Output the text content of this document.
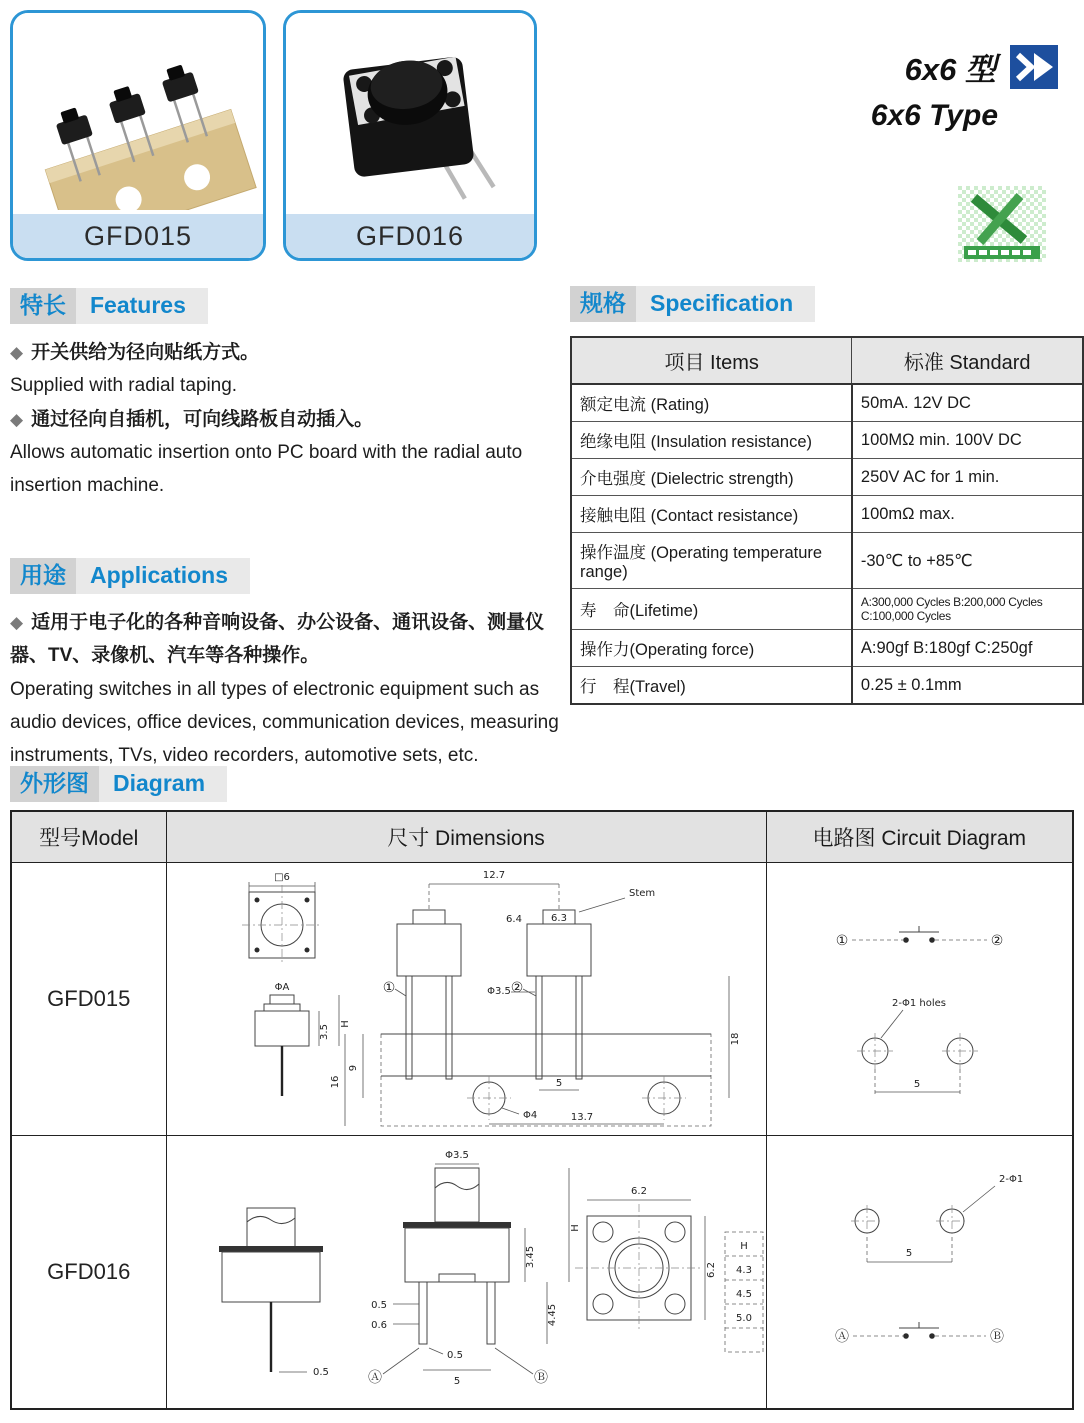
GFD015	GFD016
6x6 型
6x6 Type
特长	Features
◆ 开关供给为径向贴纸方式。
Supplied with radial taping.
◆ 通过径向自插机，可向线路板自动插入。
Allows automatic insertion onto PC board with the radial auto insertion machine.
规格	Specification
项目 Items	标准 Standard
额定电流 (Rating)	50mA. 12V DC
绝缘电阻 (Insulation resistance)	100MΩ min. 100V DC
介电强度 (Dielectric strength)	250V AC for 1 min.
接触电阻 (Contact resistance)	100mΩ max.
操作温度 (Operating temperature range)	-30℃ to +85℃
寿　命(Lifetime)	A:300,000 Cycles B:200,000 Cycles C:100,000 Cycles
操作力(Operating force)	A:90gf B:180gf C:250gf
行　程(Travel)	0.25 ± 0.1mm
用途	Applications
◆ 适用于电子化的各种音响设备、办公设备、通讯设备、测量仪器、TV、录像机、汽车等各种操作。
Operating switches in all types of electronic equipment such as audio devices, office devices, communication devices, measuring instruments, TVs, video recorders, automotive sets, etc.
外形图	Diagram
型号Model	尺寸 Dimensions	电路图 Circuit Diagram
GFD015	
□6
ΦA
3.5
H
12.7
Stem
6.4	6.3
Φ3.5
①	②
9
16
18
5
Φ4	13.7

①	②
2-Φ1 holes
5

GFD016	
0.5
Φ3.5
3.45
4.45
H
0.5
0.6
0.5
5
Ⓐ	Ⓑ
6.2
6.2
H
4.3
4.5
5.0

2-Φ1
5
Ⓐ	Ⓑ
